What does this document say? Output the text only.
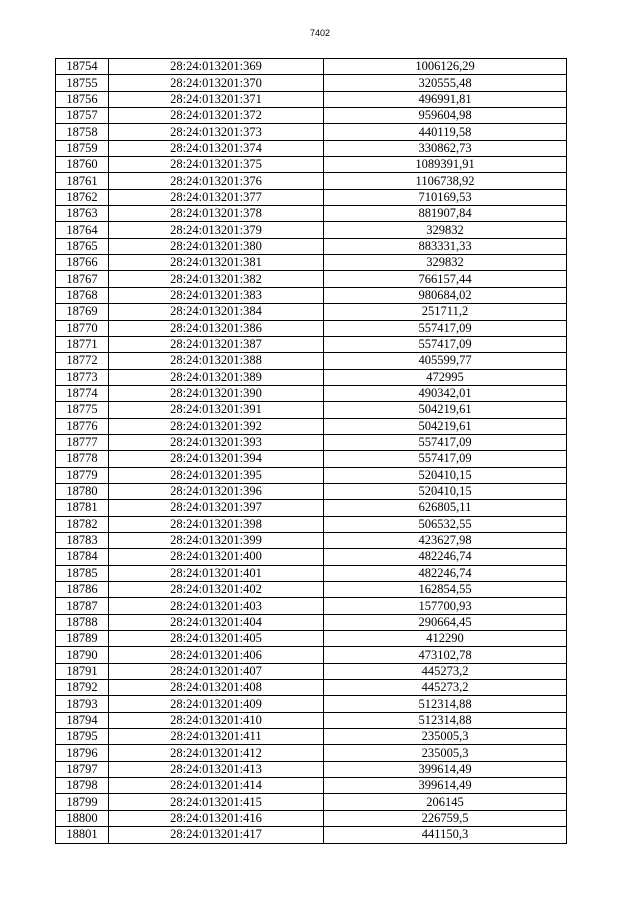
7402
18754	28:24:013201:369	1006126,29
18755	28:24:013201:370	320555,48
18756	28:24:013201:371	496991,81
18757	28:24:013201:372	959604,98
18758	28:24:013201:373	440119,58
18759	28:24:013201:374	330862,73
18760	28:24:013201:375	1089391,91
18761	28:24:013201:376	1106738,92
18762	28:24:013201:377	710169,53
18763	28:24:013201:378	881907,84
18764	28:24:013201:379	329832
18765	28:24:013201:380	883331,33
18766	28:24:013201:381	329832
18767	28:24:013201:382	766157,44
18768	28:24:013201:383	980684,02
18769	28:24:013201:384	251711,2
18770	28:24:013201:386	557417,09
18771	28:24:013201:387	557417,09
18772	28:24:013201:388	405599,77
18773	28:24:013201:389	472995
18774	28:24:013201:390	490342,01
18775	28:24:013201:391	504219,61
18776	28:24:013201:392	504219,61
18777	28:24:013201:393	557417,09
18778	28:24:013201:394	557417,09
18779	28:24:013201:395	520410,15
18780	28:24:013201:396	520410,15
18781	28:24:013201:397	626805,11
18782	28:24:013201:398	506532,55
18783	28:24:013201:399	423627,98
18784	28:24:013201:400	482246,74
18785	28:24:013201:401	482246,74
18786	28:24:013201:402	162854,55
18787	28:24:013201:403	157700,93
18788	28:24:013201:404	290664,45
18789	28:24:013201:405	412290
18790	28:24:013201:406	473102,78
18791	28:24:013201:407	445273,2
18792	28:24:013201:408	445273,2
18793	28:24:013201:409	512314,88
18794	28:24:013201:410	512314,88
18795	28:24:013201:411	235005,3
18796	28:24:013201:412	235005,3
18797	28:24:013201:413	399614,49
18798	28:24:013201:414	399614,49
18799	28:24:013201:415	206145
18800	28:24:013201:416	226759,5
18801	28:24:013201:417	441150,3
